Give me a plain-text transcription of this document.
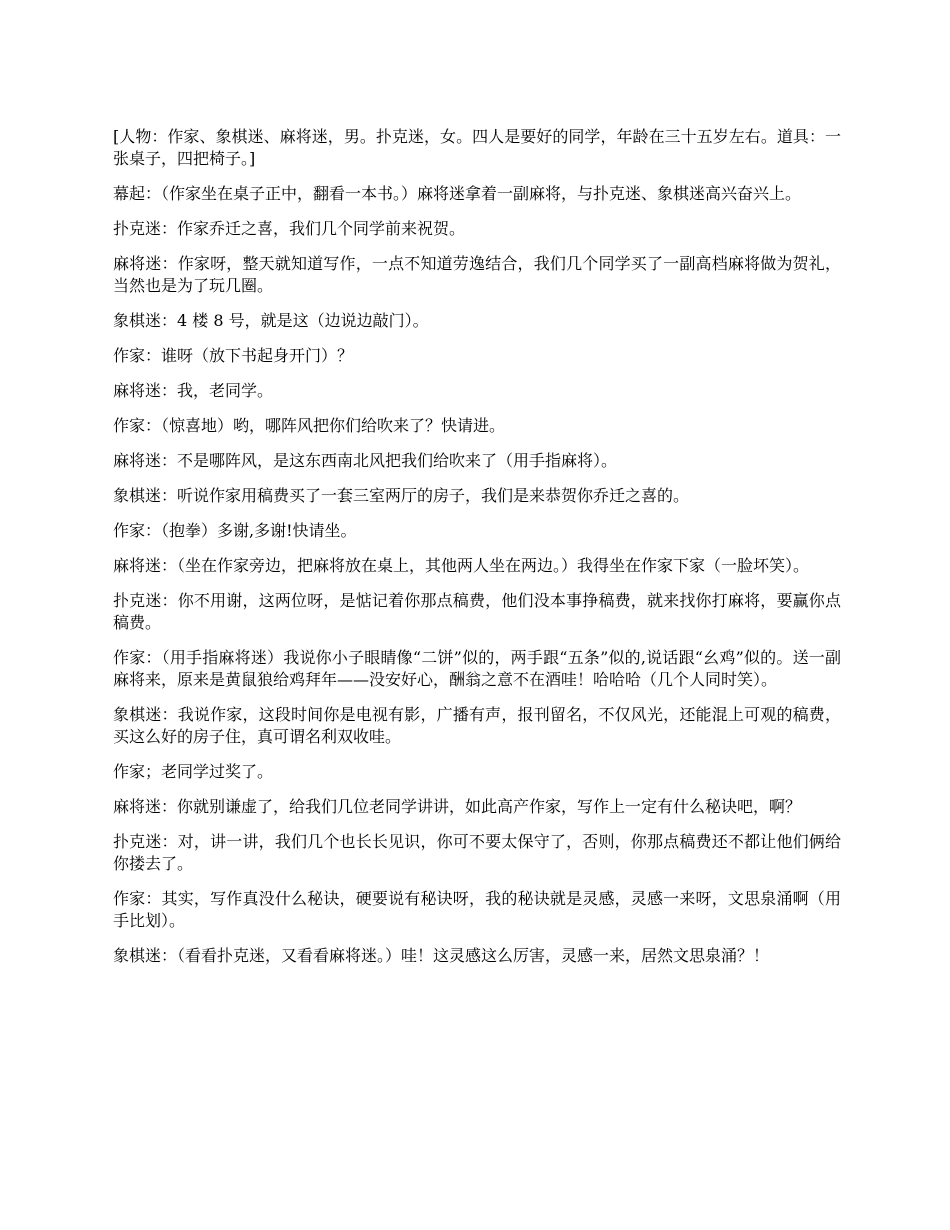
[人物：作家、象棋迷、麻将迷，男。扑克迷，女。四人是要好的同学，年龄在三十五岁左右。道具：一张桌子，四把椅子。]

幕起：（作家坐在桌子正中，翻看一本书。）麻将迷拿着一副麻将，与扑克迷、象棋迷高兴奋兴上。

扑克迷：作家乔迁之喜，我们几个同学前来祝贺。

麻将迷：作家呀，整天就知道写作，一点不知道劳逸结合，我们几个同学买了一副高档麻将做为贺礼，当然也是为了玩几圈。

象棋迷：4 楼 8 号，就是这（边说边敲门）。

作家：谁呀（放下书起身开门）？

麻将迷：我，老同学。

作家：（惊喜地）哟，哪阵风把你们给吹来了？快请进。

麻将迷：不是哪阵风，是这东西南北风把我们给吹来了（用手指麻将）。

象棋迷：听说作家用稿费买了一套三室两厅的房子，我们是来恭贺你乔迁之喜的。

作家：（抱拳）多谢,多谢!快请坐。

麻将迷：（坐在作家旁边，把麻将放在桌上，其他两人坐在两边。）我得坐在作家下家（一脸坏笑）。

扑克迷：你不用谢，这两位呀，是惦记着你那点稿费，他们没本事挣稿费，就来找你打麻将，要赢你点稿费。

作家：（用手指麻将迷）我说你小子眼睛像“二饼”似的，两手跟“五条”似的,说话跟“幺鸡”似的。送一副麻将来，原来是黄鼠狼给鸡拜年——没安好心，酬翁之意不在酒哇！哈哈哈（几个人同时笑）。

象棋迷：我说作家，这段时间你是电视有影，广播有声，报刊留名，不仅风光，还能混上可观的稿费，买这么好的房子住，真可谓名利双收哇。

作家；老同学过奖了。

麻将迷：你就别谦虚了，给我们几位老同学讲讲，如此高产作家，写作上一定有什么秘诀吧，啊？

扑克迷：对，讲一讲，我们几个也长长见识，你可不要太保守了，否则，你那点稿费还不都让他们俩给你搂去了。

作家：其实，写作真没什么秘诀，硬要说有秘诀呀，我的秘诀就是灵感，灵感一来呀，文思泉涌啊（用手比划）。

象棋迷：（看看扑克迷，又看看麻将迷。）哇！这灵感这么厉害，灵感一来，居然文思泉涌？！
